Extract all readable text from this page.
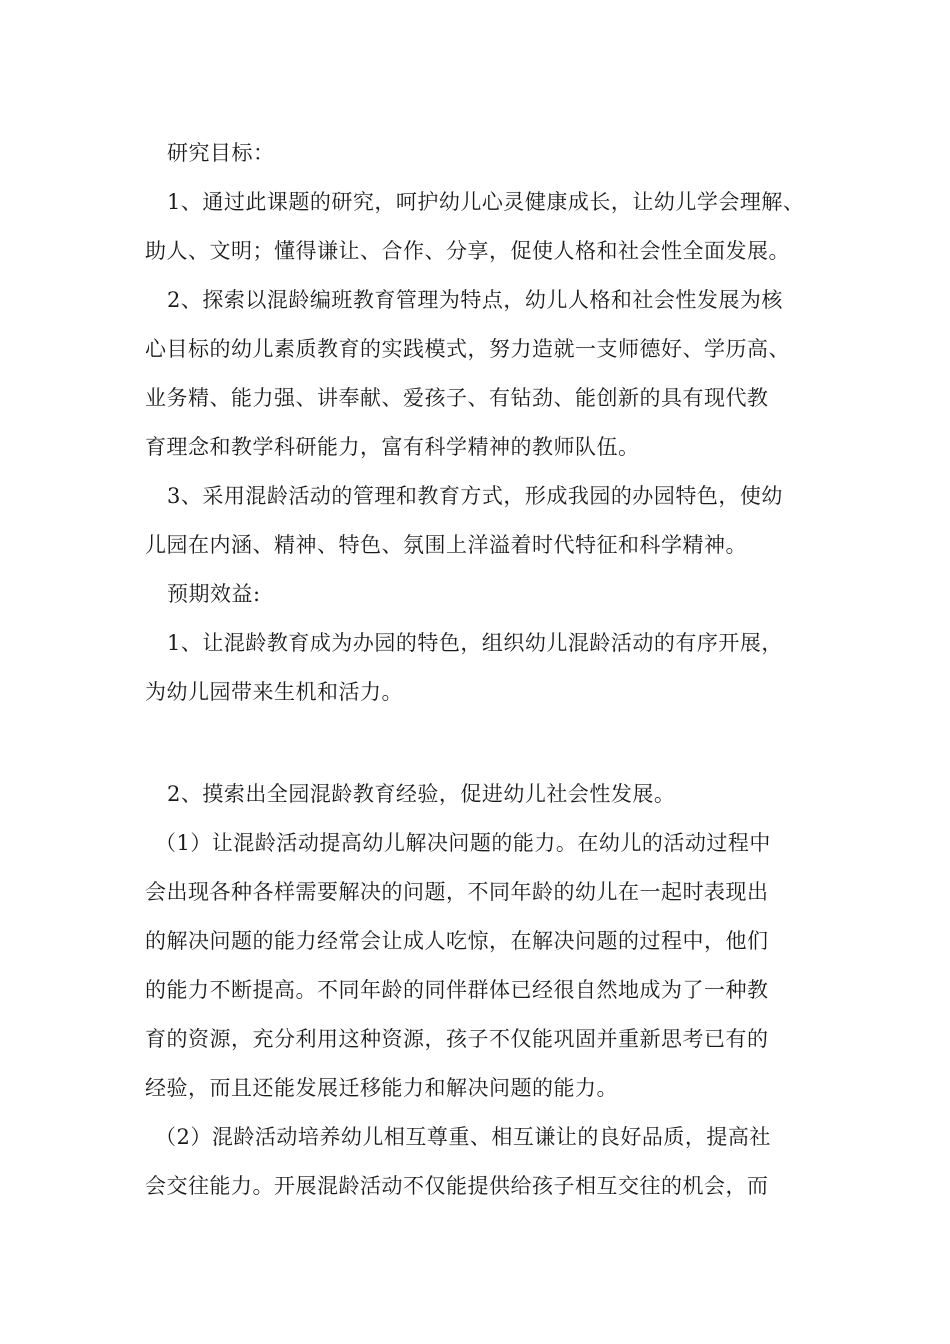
研究目标：
1、通过此课题的研究，呵护幼儿心灵健康成长，让幼儿学会理解、
助人、文明；懂得谦让、合作、分享，促使人格和社会性全面发展。
2、探索以混龄编班教育管理为特点，幼儿人格和社会性发展为核
心目标的幼儿素质教育的实践模式，努力造就一支师德好、学历高、
业务精、能力强、讲奉献、爱孩子、有钻劲、能创新的具有现代教
育理念和教学科研能力，富有科学精神的教师队伍。
3、采用混龄活动的管理和教育方式，形成我园的办园特色，使幼
儿园在内涵、精神、特色、氛围上洋溢着时代特征和科学精神。
预期效益:
1、让混龄教育成为办园的特色，组织幼儿混龄活动的有序开展，
为幼儿园带来生机和活力。
2、摸索出全园混龄教育经验，促进幼儿社会性发展。
（1）让混龄活动提高幼儿解决问题的能力。在幼儿的活动过程中
会出现各种各样需要解决的问题，不同年龄的幼儿在一起时表现出
的解决问题的能力经常会让成人吃惊，在解决问题的过程中，他们
的能力不断提高。不同年龄的同伴群体已经很自然地成为了一种教
育的资源，充分利用这种资源，孩子不仅能巩固并重新思考已有的
经验，而且还能发展迁移能力和解决问题的能力。
（2）混龄活动培养幼儿相互尊重、相互谦让的良好品质，提高社
会交往能力。开展混龄活动不仅能提供给孩子相互交往的机会，而
